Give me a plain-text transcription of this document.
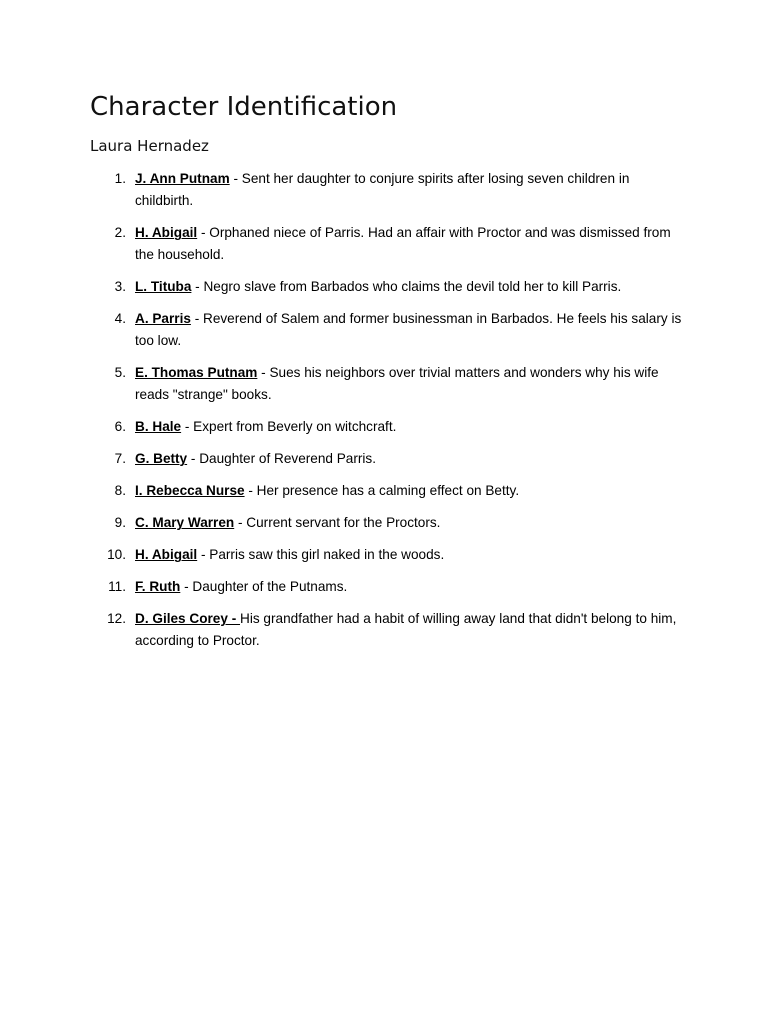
Character Identification

Laura Hernadez

1. J. Ann Putnam - Sent her daughter to conjure spirits after losing seven children in childbirth.
2. H. Abigail - Orphaned niece of Parris. Had an affair with Proctor and was dismissed from the household.
3. L. Tituba - Negro slave from Barbados who claims the devil told her to kill Parris.
4. A. Parris - Reverend of Salem and former businessman in Barbados. He feels his salary is too low.
5. E. Thomas Putnam - Sues his neighbors over trivial matters and wonders why his wife reads "strange" books.
6. B. Hale - Expert from Beverly on witchcraft.
7. G. Betty - Daughter of Reverend Parris.
8. I. Rebecca Nurse - Her presence has a calming effect on Betty.
9. C. Mary Warren - Current servant for the Proctors.
10. H. Abigail - Parris saw this girl naked in the woods.
11. F. Ruth - Daughter of the Putnams.
12. D. Giles Corey - His grandfather had a habit of willing away land that didn't belong to him, according to Proctor.
